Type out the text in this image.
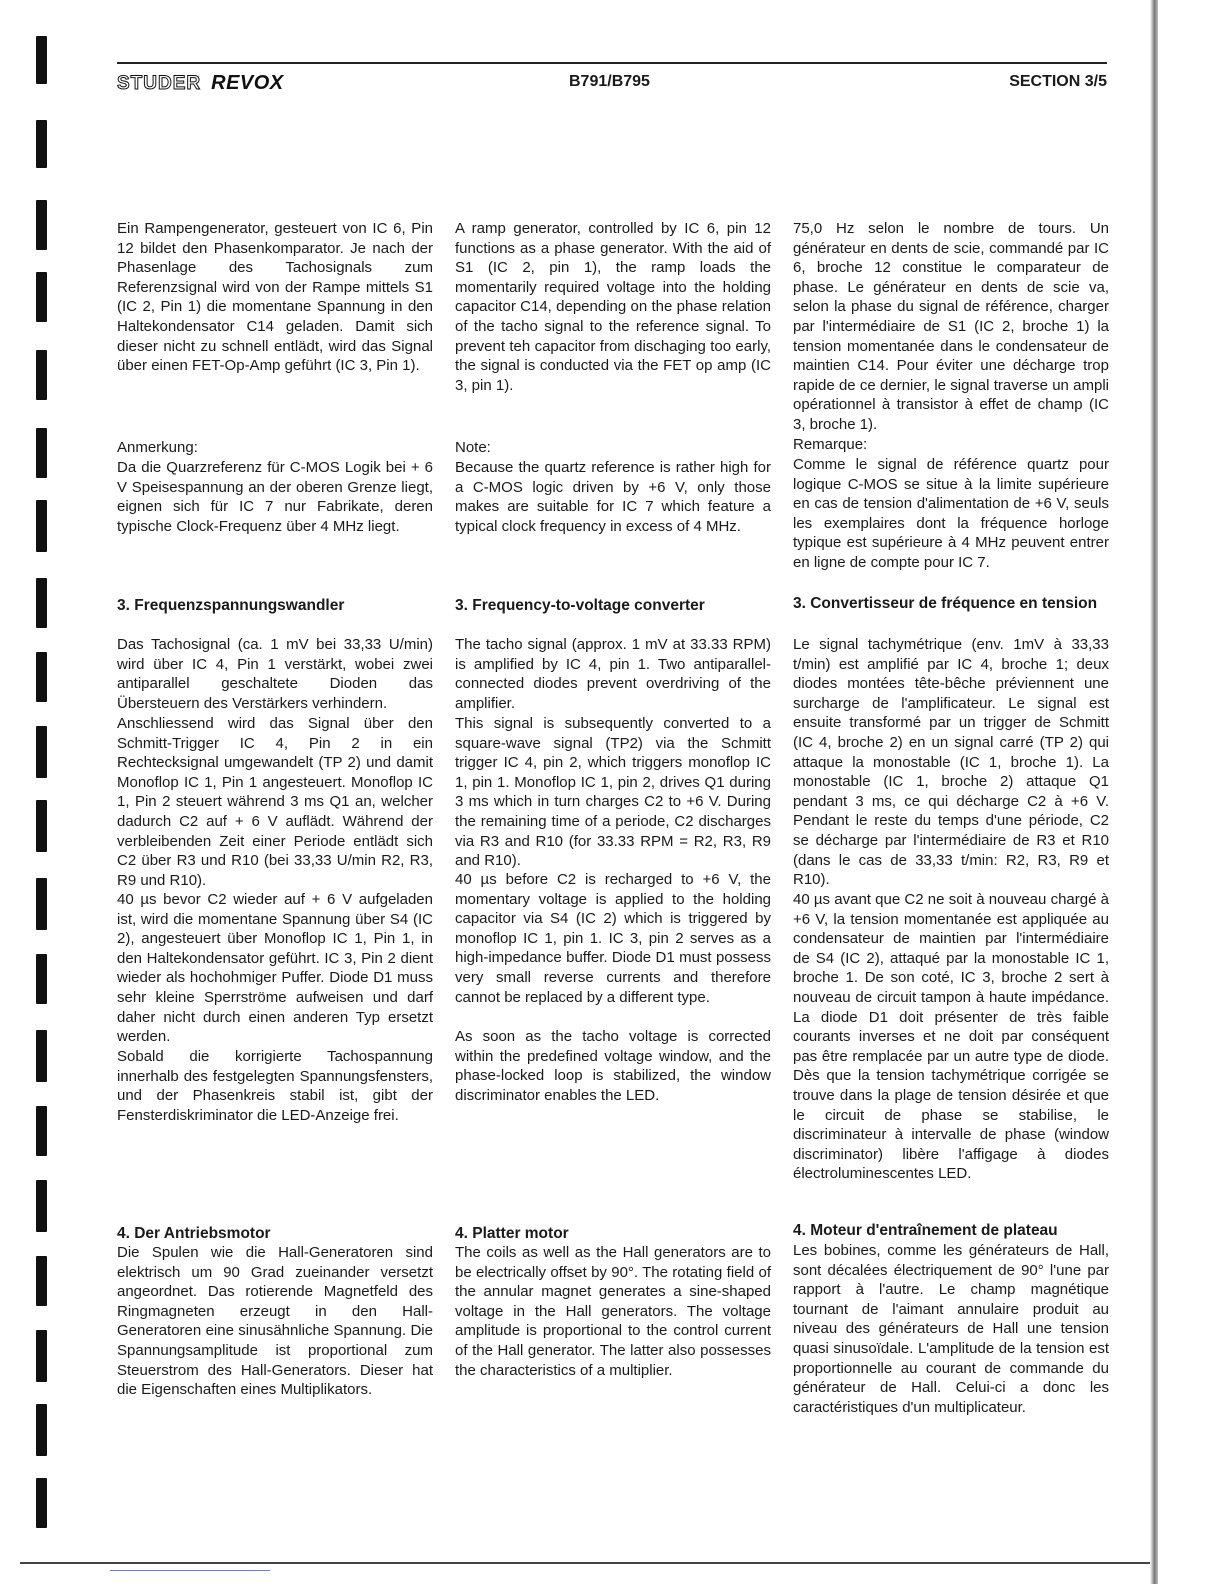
STUDER REVOX	B791/B795	SECTION 3/5

Ein Rampengenerator, gesteuert von IC 6, Pin 12 bildet den Phasenkomparator. Je nach der Phasenlage des Tachosignals zum Referenzsignal wird von der Rampe mittels S1 (IC 2, Pin 1) die momentane Spannung in den Haltekondensator C14 geladen. Damit sich dieser nicht zu schnell entlädt, wird das Signal über einen FET-Op-Amp geführt (IC 3, Pin 1).

Anmerkung:

Da die Quarzreferenz für C-MOS Logik bei + 6 V Speisespannung an der oberen Grenze liegt, eignen sich für IC 7 nur Fabrikate, deren typische Clock-Frequenz über 4 MHz liegt.

3. Frequenzspannungswandler

Das Tachosignal (ca. 1 mV bei 33,33 U/min) wird über IC 4, Pin 1 verstärkt, wobei zwei antiparallel geschaltete Dioden das Übersteuern des Verstärkers verhindern.

Anschliessend wird das Signal über den Schmitt-Trigger IC 4, Pin 2 in ein Rechtecksignal umgewandelt (TP 2) und damit Monoflop IC 1, Pin 1 angesteuert. Monoflop IC 1, Pin 2 steuert während 3 ms Q1 an, welcher dadurch C2 auf + 6 V auflädt. Während der verbleibenden Zeit einer Periode entlädt sich C2 über R3 und R10 (bei 33,33 U/min R2, R3, R9 und R10).

40 µs bevor C2 wieder auf + 6 V aufgeladen ist, wird die momentane Spannung über S4 (IC 2), angesteuert über Monoflop IC 1, Pin 1, in den Haltekondensator geführt. IC 3, Pin 2 dient wieder als hochohmiger Puffer. Diode D1 muss sehr kleine Sperrströme aufweisen und darf daher nicht durch einen anderen Typ ersetzt werden.

Sobald die korrigierte Tachospannung innerhalb des festgelegten Spannungsfensters, und der Phasenkreis stabil ist, gibt der Fensterdiskriminator die LED-Anzeige frei.

4. Der Antriebsmotor

Die Spulen wie die Hall-Generatoren sind elektrisch um 90 Grad zueinander versetzt angeordnet. Das rotierende Magnetfeld des Ringmagneten erzeugt in den Hall-Generatoren eine sinusähnliche Spannung. Die Spannungsamplitude ist proportional zum Steuerstrom des Hall-Generators. Dieser hat die Eigenschaften eines Multiplikators.

A ramp generator, controlled by IC 6, pin 12 functions as a phase generator. With the aid of S1 (IC 2, pin 1), the ramp loads the momentarily required voltage into the holding capacitor C14, depending on the phase relation of the tacho signal to the reference signal. To prevent teh capacitor from dischaging too early, the signal is conducted via the FET op amp (IC 3, pin 1).

Note:

Because the quartz reference is rather high for a C-MOS logic driven by +6 V, only those makes are suitable for IC 7 which feature a typical clock frequency in excess of 4 MHz.

3. Frequency-to-voltage converter

The tacho signal (approx. 1 mV at 33.33 RPM) is amplified by IC 4, pin 1. Two antiparallel-connected diodes prevent overdriving of the amplifier.

This signal is subsequently converted to a square-wave signal (TP2) via the Schmitt trigger IC 4, pin 2, which triggers monoflop IC 1, pin 1. Monoflop IC 1, pin 2, drives Q1 during 3 ms which in turn charges C2 to +6 V. During the remaining time of a periode, C2 discharges via R3 and R10 (for 33.33 RPM = R2, R3, R9 and R10).

40 µs before C2 is recharged to +6 V, the momentary voltage is applied to the holding capacitor via S4 (IC 2) which is triggered by monoflop IC 1, pin 1. IC 3, pin 2 serves as a high-impedance buffer. Diode D1 must possess very small reverse currents and therefore cannot be replaced by a different type.

As soon as the tacho voltage is corrected within the predefined voltage window, and the phase-locked loop is stabilized, the window discriminator enables the LED.

4. Platter motor

The coils as well as the Hall generators are to be electrically offset by 90°. The rotating field of the annular magnet generates a sine-shaped voltage in the Hall generators. The voltage amplitude is proportional to the control current of the Hall generator. The latter also possesses the characteristics of a multiplier.

75,0 Hz selon le nombre de tours. Un générateur en dents de scie, commandé par IC 6, broche 12 constitue le comparateur de phase. Le générateur en dents de scie va, selon la phase du signal de référence, charger par l'intermédiaire de S1 (IC 2, broche 1) la tension momentanée dans le condensateur de maintien C14. Pour éviter une décharge trop rapide de ce dernier, le signal traverse un ampli opérationnel à transistor à effet de champ (IC 3, broche 1).

Remarque:

Comme le signal de référence quartz pour logique C-MOS se situe à la limite supérieure en cas de tension d'alimentation de +6 V, seuls les exemplaires dont la fréquence horloge typique est supérieure à 4 MHz peuvent entrer en ligne de compte pour IC 7.

3. Convertisseur de fréquence en tension

Le signal tachymétrique (env. 1mV à 33,33 t/min) est amplifié par IC 4, broche 1; deux diodes montées tête-bêche préviennent une surcharge de l'amplificateur. Le signal est ensuite transformé par un trigger de Schmitt (IC 4, broche 2) en un signal carré (TP 2) qui attaque la monostable (IC 1, broche 1). La monostable (IC 1, broche 2) attaque Q1 pendant 3 ms, ce qui décharge C2 à +6 V. Pendant le reste du temps d'une période, C2 se décharge par l'intermédiaire de R3 et R10 (dans le cas de 33,33 t/min: R2, R3, R9 et R10).

40 µs avant que C2 ne soit à nouveau chargé à +6 V, la tension momentanée est appliquée au condensateur de maintien par l'intermédiaire de S4 (IC 2), attaqué par la monostable IC 1, broche 1. De son coté, IC 3, broche 2 sert à nouveau de circuit tampon à haute impédance. La diode D1 doit présenter de très faible courants inverses et ne doit par conséquent pas être remplacée par un autre type de diode. Dès que la tension tachymétrique corrigée se trouve dans la plage de tension désirée et que le circuit de phase se stabilise, le discriminateur à intervalle de phase (window discriminator) libère l'affigage à diodes électroluminescentes LED.

4. Moteur d'entraînement de plateau

Les bobines, comme les générateurs de Hall, sont décalées électriquement de 90° l'une par rapport à l'autre. Le champ magnétique tournant de l'aimant annulaire produit au niveau des générateurs de Hall une tension quasi sinusoïdale. L'amplitude de la tension est proportionnelle au courant de commande du générateur de Hall. Celui-ci a donc les caractéristiques d'un multiplicateur.
